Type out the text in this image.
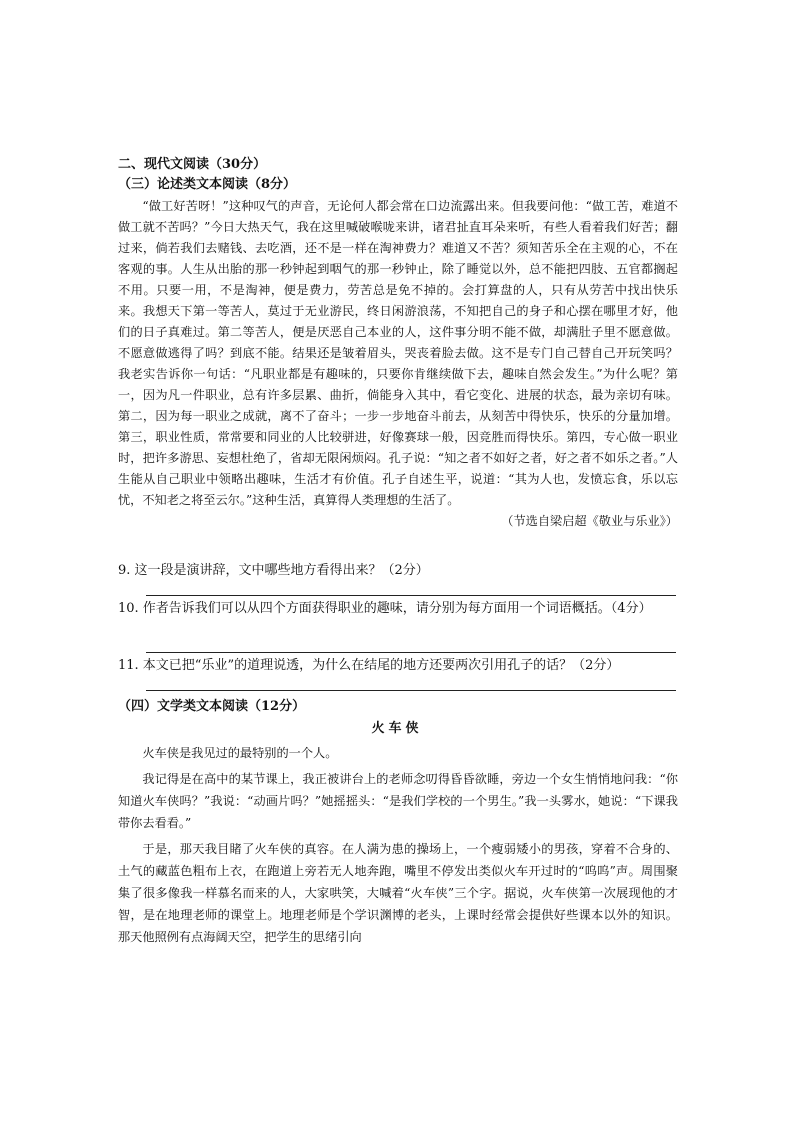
二、现代文阅读（30分）
（三）论述类文本阅读（8分）

“做工好苦呀！”这种叹气的声音，无论何人都会常在口边流露出来。但我要问他：“做工苦，难道不做工就不苦吗？”今日大热天气，我在这里喊破喉咙来讲，诸君扯直耳朵来听，有些人看着我们好苦；翻过来，倘若我们去赌钱、去吃酒，还不是一样在淘神费力？难道又不苦？须知苦乐全在主观的心，不在客观的事。人生从出胎的那一秒钟起到咽气的那一秒钟止，除了睡觉以外，总不能把四肢、五官都搁起不用。只要一用，不是淘神，便是费力，劳苦总是免不掉的。会打算盘的人，只有从劳苦中找出快乐来。我想天下第一等苦人，莫过于无业游民，终日闲游浪荡，不知把自己的身子和心摆在哪里才好，他们的日子真难过。第二等苦人，便是厌恶自己本业的人，这件事分明不能不做，却满肚子里不愿意做。不愿意做逃得了吗？到底不能。结果还是皱着眉头，哭丧着脸去做。这不是专门自己替自己开玩笑吗？我老实告诉你一句话：“凡职业都是有趣味的，只要你肯继续做下去，趣味自然会发生。”为什么呢？第一，因为凡一件职业，总有许多层累、曲折，倘能身入其中，看它变化、进展的状态，最为亲切有味。第二，因为每一职业之成就，离不了奋斗；一步一步地奋斗前去，从刻苦中得快乐，快乐的分量加增。第三，职业性质，常常要和同业的人比较骈进，好像赛球一般，因竞胜而得快乐。第四，专心做一职业时，把许多游思、妄想杜绝了，省却无限闲烦闷。孔子说：“知之者不如好之者，好之者不如乐之者。”人生能从自己职业中领略出趣味，生活才有价值。孔子自述生平，说道：“其为人也，发愤忘食，乐以忘忧，不知老之将至云尔。”这种生活，真算得人类理想的生活了。
（节选自梁启超《敬业与乐业》）

9. 这一段是演讲辞，文中哪些地方看得出来？（2分）
10. 作者告诉我们可以从四个方面获得职业的趣味，请分别为每方面用一个词语概括。（4分）
11. 本文已把“乐业”的道理说透，为什么在结尾的地方还要两次引用孔子的话？（2分）
（四）文学类文本阅读（12分）
火车侠

火车侠是我见过的最特别的一个人。

我记得是在高中的某节课上，我正被讲台上的老师念叨得昏昏欲睡，旁边一个女生悄悄地问我：“你知道火车侠吗？”我说：“动画片吗？”她摇摇头：“是我们学校的一个男生。”我一头雾水，她说：“下课我带你去看看。”

于是，那天我目睹了火车侠的真容。在人满为患的操场上，一个瘦弱矮小的男孩，穿着不合身的、土气的藏蓝色粗布上衣，在跑道上旁若无人地奔跑，嘴里不停发出类似火车开过时的“呜呜”声。周围聚集了很多像我一样慕名而来的人，大家哄笑，大喊着“火车侠”三个字。据说，火车侠第一次展现他的才智，是在地理老师的课堂上。地理老师是个学识渊博的老头，上课时经常会提供好些课本以外的知识。那天他照例有点海阔天空，把学生的思绪引向
